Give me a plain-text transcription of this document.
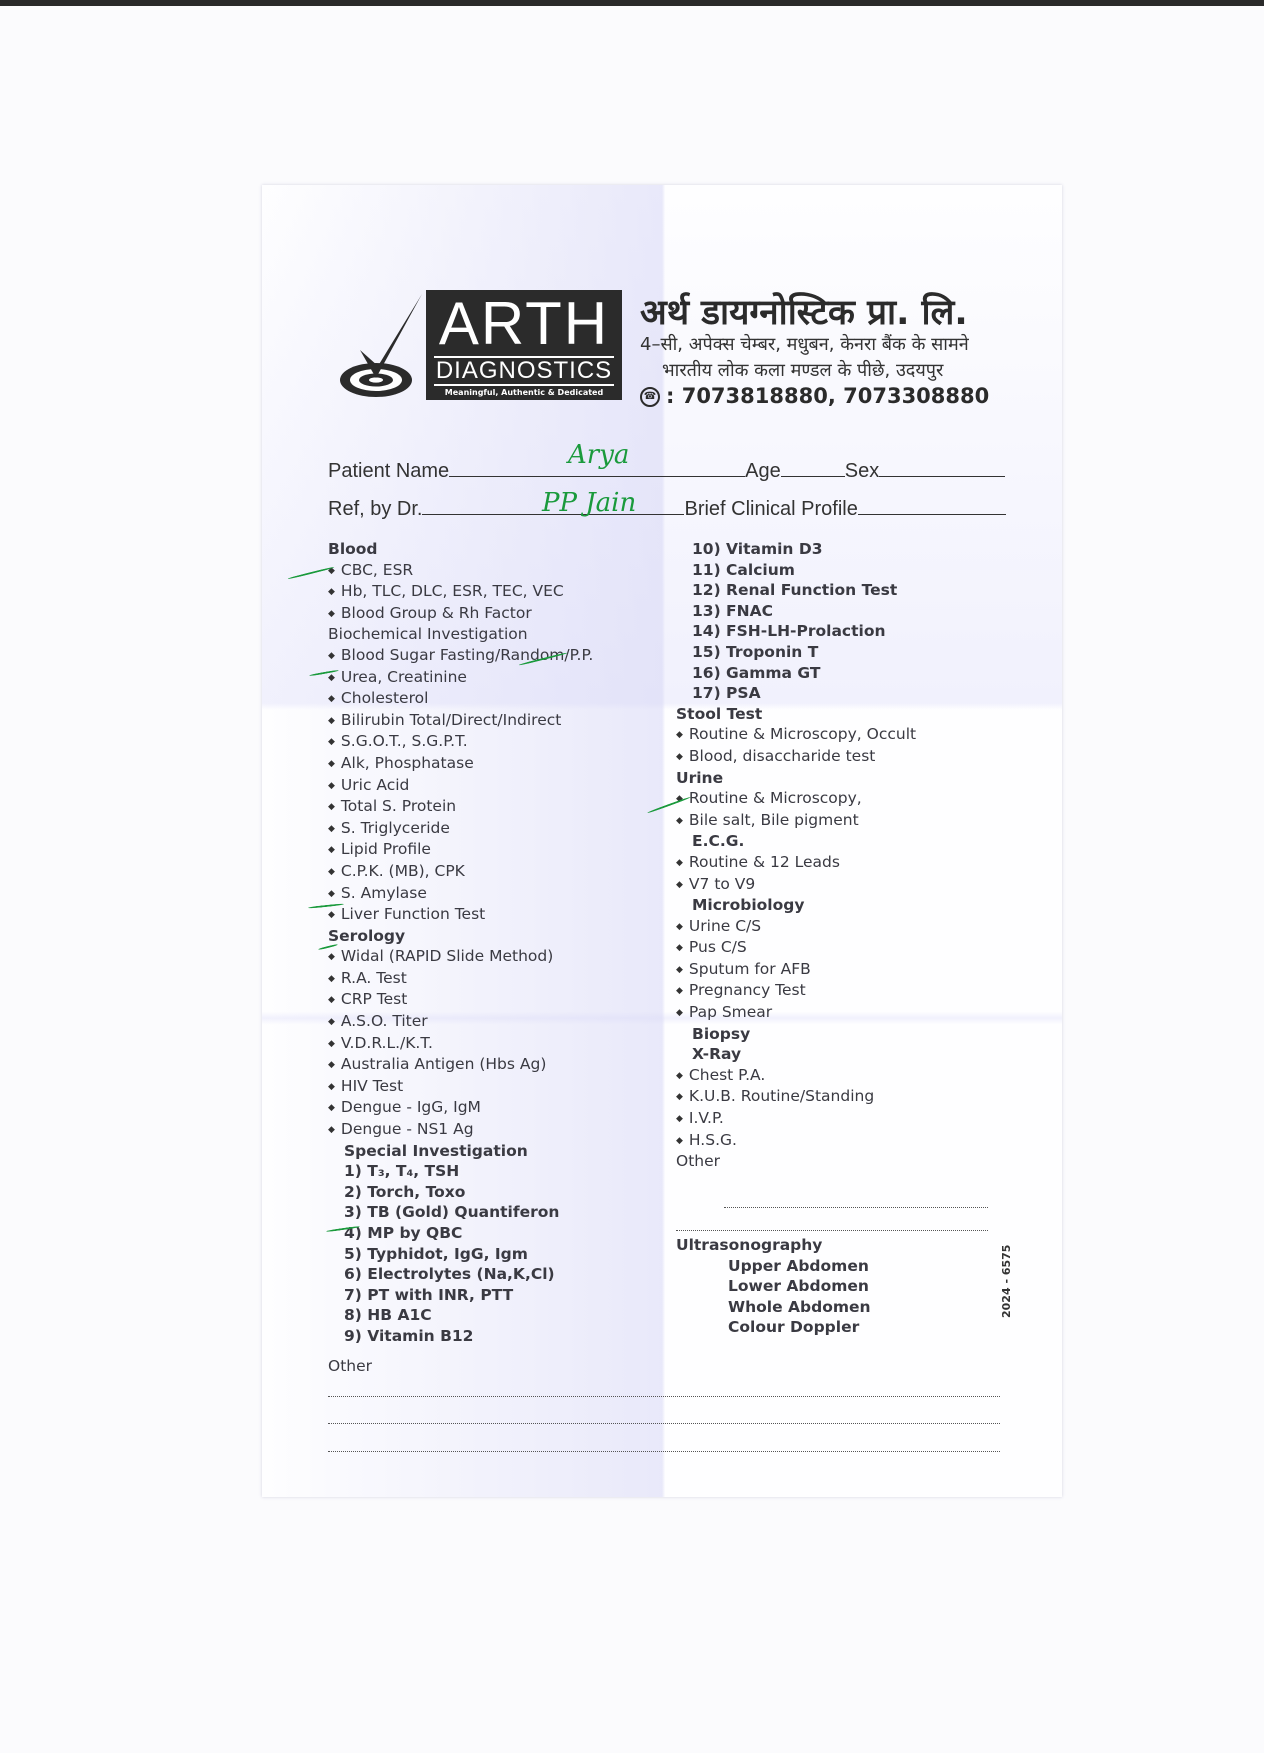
ARTH
DIAGNOSTICS
Meaningful, Authentic & Dedicated
अर्थ डायग्नोस्टिक प्रा. लि.
4–सी, अपेक्स चेम्बर, मधुबन, केनरा बैंक के सामने
भारतीय लोक कला मण्डल के पीछे, उदयपुर
☎ : 7073818880, 7073308880
Patient Name	Age	Sex
Ref, by Dr.	Brief Clinical Profile
Arya
PP Jain
Blood
◆ CBC, ESR
◆ Hb, TLC, DLC, ESR, TEC, VEC
◆ Blood Group & Rh Factor
Biochemical Investigation
◆ Blood Sugar Fasting/Random/P.P.
◆ Urea, Creatinine
◆ Cholesterol
◆ Bilirubin Total/Direct/Indirect
◆ S.G.O.T., S.G.P.T.
◆ Alk, Phosphatase
◆ Uric Acid
◆ Total S. Protein
◆ S. Triglyceride
◆ Lipid Profile
◆ C.P.K. (MB), CPK
◆ S. Amylase
◆ Liver Function Test
Serology
◆ Widal (RAPID Slide Method)
◆ R.A. Test
◆ CRP Test
◆ A.S.O. Titer
◆ V.D.R.L./K.T.
◆ Australia Antigen (Hbs Ag)
◆ HIV Test
◆ Dengue - IgG, IgM
◆ Dengue - NS1 Ag
Special Investigation
1) T₃, T₄, TSH
2) Torch, Toxo
3) TB (Gold) Quantiferon
4) MP by QBC
5) Typhidot, IgG, Igm
6) Electrolytes (Na,K,Cl)
7) PT with INR, PTT
8) HB A1C
9) Vitamin B12
10) Vitamin D3
11) Calcium
12) Renal Function Test
13) FNAC
14) FSH-LH-Prolaction
15) Troponin T
16) Gamma GT
17) PSA
Stool Test
◆ Routine & Microscopy, Occult
◆ Blood, disaccharide test
Urine
◆ Routine & Microscopy,
◆ Bile salt, Bile pigment
E.C.G.
◆ Routine & 12 Leads
◆ V7 to V9
Microbiology
◆ Urine C/S
◆ Pus C/S
◆ Sputum for AFB
◆ Pregnancy Test
◆ Pap Smear
Biopsy
X-Ray
◆ Chest P.A.
◆ K.U.B. Routine/Standing
◆ I.V.P.
◆ H.S.G.
Other
Ultrasonography
Upper Abdomen
Lower Abdomen
Whole Abdomen
Colour Doppler
2024 - 6575
Other
